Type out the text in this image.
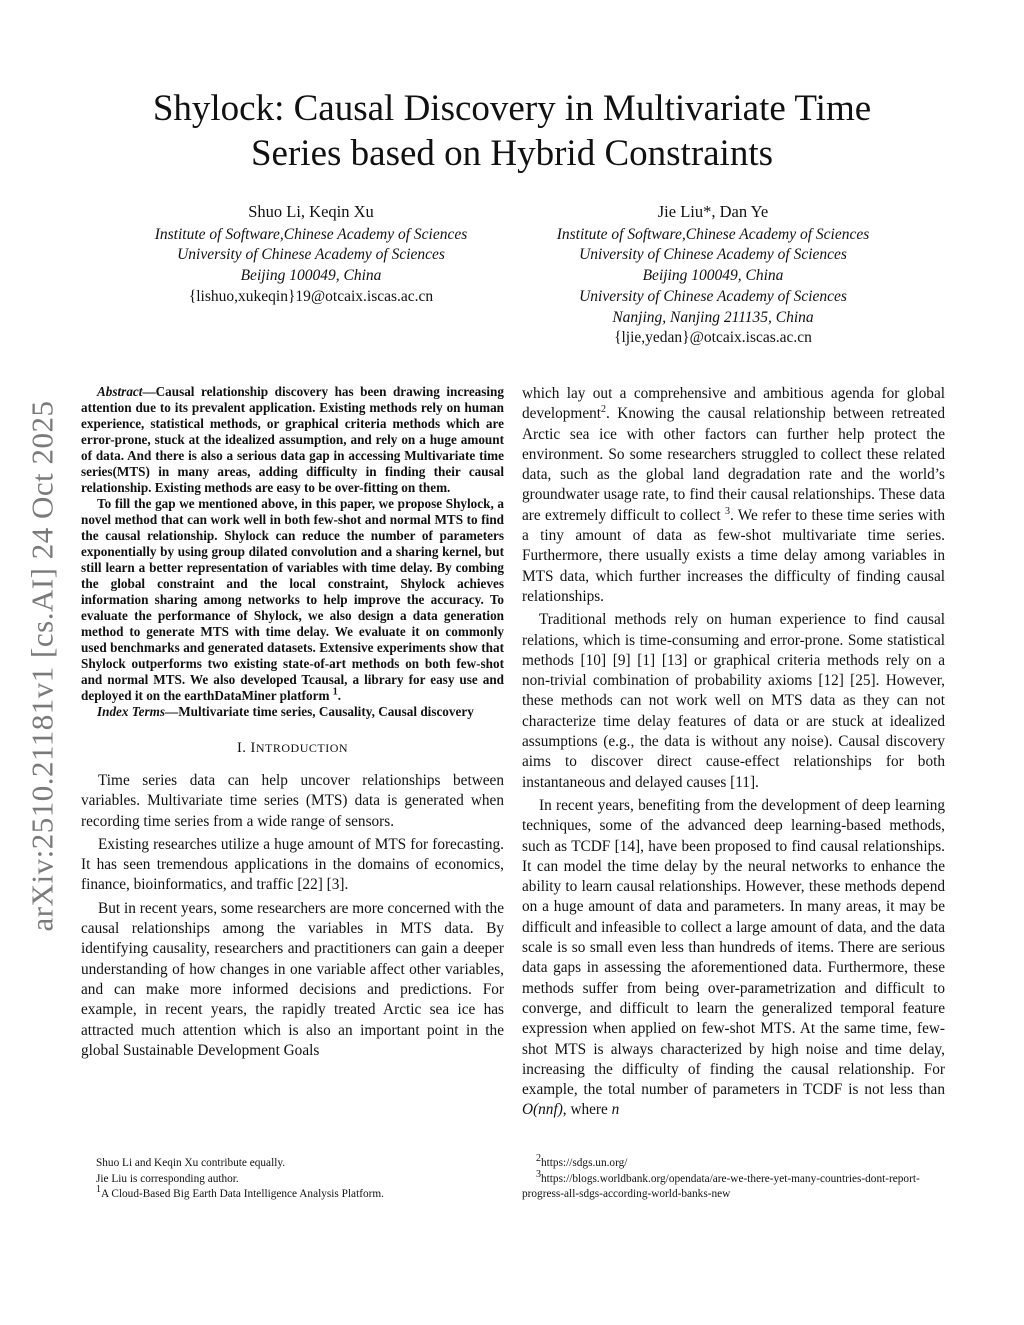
arXiv:2510.21181v1 [cs.AI] 24 Oct 2025
Shylock: Causal Discovery in Multivariate Time
Series based on Hybrid Constraints
Shuo Li, Keqin Xu
Institute of Software,Chinese Academy of Sciences
University of Chinese Academy of Sciences
Beijing 100049, China
{lishuo,xukeqin}19@otcaix.iscas.ac.cn
Jie Liu*, Dan Ye
Institute of Software,Chinese Academy of Sciences
University of Chinese Academy of Sciences
Beijing 100049, China
University of Chinese Academy of Sciences
Nanjing, Nanjing 211135, China
{ljie,yedan}@otcaix.iscas.ac.cn

Abstract—Causal relationship discovery has been drawing increasing attention due to its prevalent application. Existing methods rely on human experience, statistical methods, or graphical criteria methods which are error-prone, stuck at the idealized assumption, and rely on a huge amount of data. And there is also a serious data gap in accessing Multivariate time series(MTS) in many areas, adding difficulty in finding their causal relationship. Existing methods are easy to be over-fitting on them.

To fill the gap we mentioned above, in this paper, we propose Shylock, a novel method that can work well in both few-shot and normal MTS to find the causal relationship. Shylock can reduce the number of parameters exponentially by using group dilated convolution and a sharing kernel, but still learn a better representation of variables with time delay. By combing the global constraint and the local constraint, Shylock achieves information sharing among networks to help improve the accuracy. To evaluate the performance of Shylock, we also design a data generation method to generate MTS with time delay. We evaluate it on commonly used benchmarks and generated datasets. Extensive experiments show that Shylock outperforms two existing state-of-art methods on both few-shot and normal MTS. We also developed Tcausal, a library for easy use and deployed it on the earthDataMiner platform $^1$.

Index Terms—Multivariate time series, Causality, Causal discovery

I. INTRODUCTION

Time series data can help uncover relationships between variables. Multivariate time series (MTS) data is generated when recording time series from a wide range of sensors.

Existing researches utilize a huge amount of MTS for forecasting. It has seen tremendous applications in the domains of economics, finance, bioinformatics, and traffic [22] [3].

But in recent years, some researchers are more concerned with the causal relationships among the variables in MTS data. By identifying causality, researchers and practitioners can gain a deeper understanding of how changes in one variable affect other variables, and can make more informed decisions and predictions. For example, in recent years, the rapidly treated Arctic sea ice has attracted much attention which is also an important point in the global Sustainable Development Goals

which lay out a comprehensive and ambitious agenda for global development$^2$. Knowing the causal relationship between retreated Arctic sea ice with other factors can further help protect the environment. So some researchers struggled to collect these related data, such as the global land degradation rate and the world’s groundwater usage rate, to find their causal relationships. These data are extremely difficult to collect $^3$. We refer to these time series with a tiny amount of data as few-shot multivariate time series. Furthermore, there usually exists a time delay among variables in MTS data, which further increases the difficulty of finding causal relationships.

Traditional methods rely on human experience to find causal relations, which is time-consuming and error-prone. Some statistical methods [10] [9] [1] [13] or graphical criteria methods rely on a non-trivial combination of probability axioms [12] [25]. However, these methods can not work well on MTS data as they can not characterize time delay features of data or are stuck at idealized assumptions (e.g., the data is without any noise). Causal discovery aims to discover direct cause-effect relationships for both instantaneous and delayed causes [11].

In recent years, benefiting from the development of deep learning techniques, some of the advanced deep learning-based methods, such as TCDF [14], have been proposed to find causal relationships. It can model the time delay by the neural networks to enhance the ability to learn causal relationships. However, these methods depend on a huge amount of data and parameters. In many areas, it may be difficult and infeasible to collect a large amount of data, and the data scale is so small even less than hundreds of items. There are serious data gaps in assessing the aforementioned data. Furthermore, these methods suffer from being over-parametrization and difficult to converge, and difficult to learn the generalized temporal feature expression when applied on few-shot MTS. At the same time, few-shot MTS is always characterized by high noise and time delay, increasing the difficulty of finding the causal relationship. For example, the total number of parameters in TCDF is not less than O(nnf), where n

Shuo Li and Keqin Xu contribute equally.
Jie Liu is corresponding author.
$^1$A Cloud-Based Big Earth Data Intelligence Analysis Platform.
$^2$https://sdgs.un.org/
$^3$https://blogs.worldbank.org/opendata/are-we-there-yet-many-countries-dont-report-progress-all-sdgs-according-world-banks-new
